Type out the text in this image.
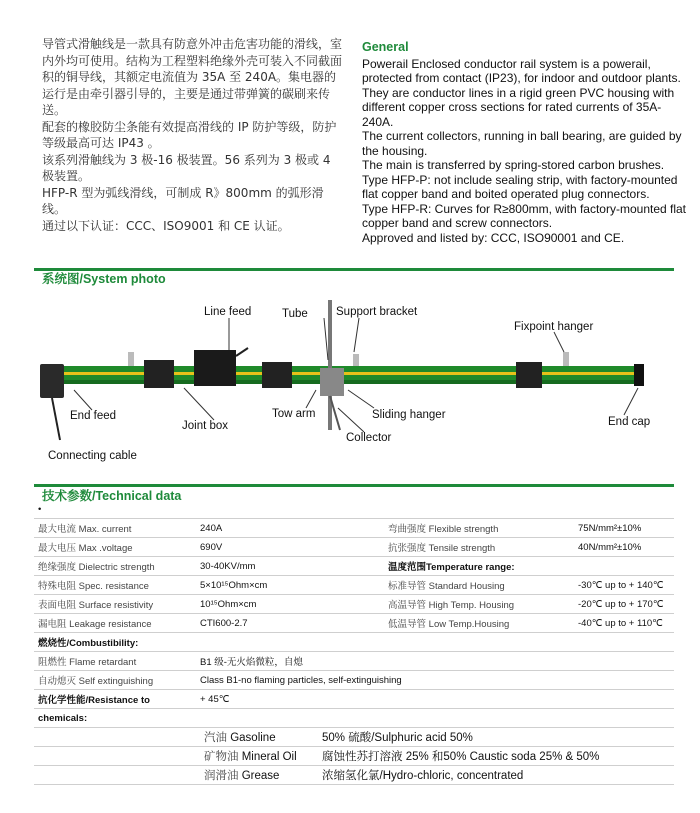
导管式滑触线是一款具有防意外冲击危害功能的滑线，室内外均可使用。结构为工程塑料绝缘外壳可装入不同截面积的铜导线，其额定电流值为 35A 至 240A。集电器的运行是由牵引器引导的，主要是通过带弹簧的碳刷来传送。

配套的橡胶防尘条能有效提高滑线的 IP 防护等级，防护等级最高可达 IP43 。

该系列滑触线为 3 极-16 极装置。56 系列为 3 极或 4 极装置。

HFP-R 型为弧线滑线，可制成 R》800mm 的弧形滑线。

通过以下认证：CCC、ISO9001 和 CE 认证。

General

Powerail Enclosed conductor rail system is a powerail, protected from contact (IP23), for indoor and outdoor plants.

They are conductor lines in a rigid green PVC housing with different copper cross sections for rated currents of 35A-240A.

The current collectors, running in ball bearing, are guided by the housing.

The main is transferred by spring-stored carbon brushes.

Type HFP-P: not include sealing strip, with factory-mounted flat copper band and boited operated plug connectors.

Type HFP-R: Curves for R≥800mm, with factory-mounted flat copper band and screw connectors.

Approved and listed by: CCC, ISO90001 and CE.

系统图/System photo
Line feed	Tube Support bracket
Fixpoint hanger
End feed
Joint box
Tow arm	Sliding hanger
Collector
End cap
Connecting cable
技术参数/Technical data
•			
最大电流 Max. current	240A	弯曲强度 Flexible strength	75N/mm²±10%
最大电压 Max .voltage	690V	抗张强度 Tensile strength	40N/mm²±10%
绝缘强度 Dielectric strength	30-40KV/mm	温度范围Temperature range:	
特殊电阻 Spec. resistance	5×10¹⁵Ohm×cm	标准导管 Standard Housing	-30℃ up to + 140℃
表面电阻 Surface resistivity	10¹⁵Ohm×cm	高温导管 High Temp. Housing	-20℃ up to + 170℃
漏电阻 Leakage resistance	CTI600-2.7	低温导管 Low Temp.Housing	-40℃ up to + 110℃
燃烧性/Combustibility:			
阻燃性 Flame retardant	B1 级-无火焰微粒，自熄		
自动熄灭 Self extinguishing	Class B1-no flaming particles, self-extinguishing		
抗化学性能/Resistance to	+ 45℃		
chemicals:			
	汽油 Gasoline	50% 硫酸/Sulphuric acid 50%
	矿物油 Mineral Oil	腐蚀性苏打溶液 25% 和50% Caustic soda 25% & 50%
	润滑油 Grease	浓缩氢化氯/Hydro-chloric, concentrated
